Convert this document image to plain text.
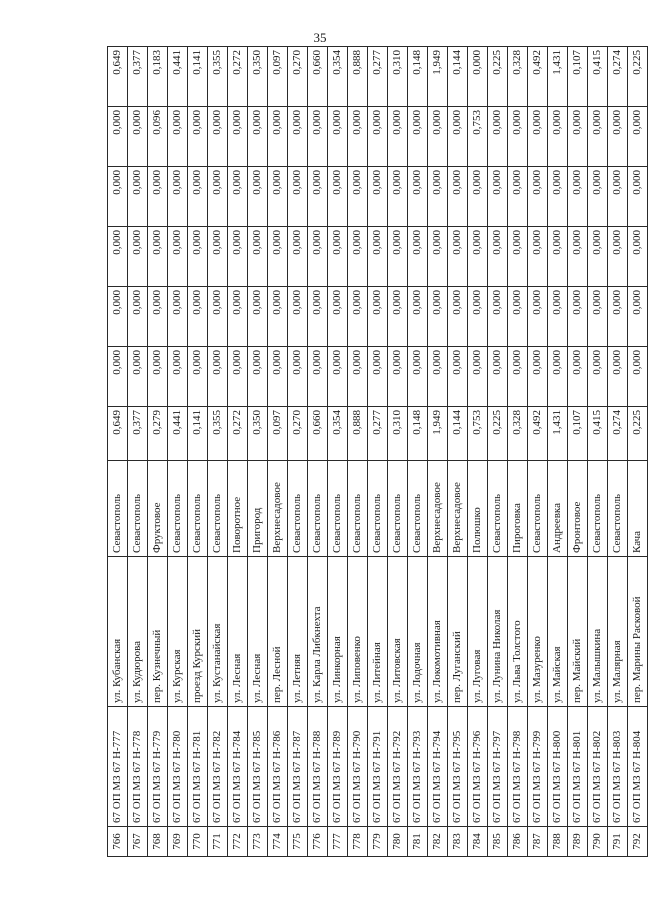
35
766	67 ОП МЗ 67 Н-777	ул. Кубанская	Севастополь	0,649	0,000	0,000	0,000	0,000	0,000	0,649
767	67 ОП МЗ 67 Н-778	ул. Кудюрова	Севастополь	0,377	0,000	0,000	0,000	0,000	0,000	0,377
768	67 ОП МЗ 67 Н-779	пер. Кузнечный	Фруктовое	0,279	0,000	0,000	0,000	0,000	0,096	0,183
769	67 ОП МЗ 67 Н-780	ул. Курская	Севастополь	0,441	0,000	0,000	0,000	0,000	0,000	0,441
770	67 ОП МЗ 67 Н-781	проезд Курский	Севастополь	0,141	0,000	0,000	0,000	0,000	0,000	0,141
771	67 ОП МЗ 67 Н-782	ул. Кустанайская	Севастополь	0,355	0,000	0,000	0,000	0,000	0,000	0,355
772	67 ОП МЗ 67 Н-784	ул. Лесная	Поворотное	0,272	0,000	0,000	0,000	0,000	0,000	0,272
773	67 ОП МЗ 67 Н-785	ул. Лесная	Пригород	0,350	0,000	0,000	0,000	0,000	0,000	0,350
774	67 ОП МЗ 67 Н-786	пер. Лесной	Верхнесадовое	0,097	0,000	0,000	0,000	0,000	0,000	0,097
775	67 ОП МЗ 67 Н-787	ул. Летняя	Севастополь	0,270	0,000	0,000	0,000	0,000	0,000	0,270
776	67 ОП МЗ 67 Н-788	ул. Карла Либкнехта	Севастополь	0,660	0,000	0,000	0,000	0,000	0,000	0,660
777	67 ОП МЗ 67 Н-789	ул. Линкорная	Севастополь	0,354	0,000	0,000	0,000	0,000	0,000	0,354
778	67 ОП МЗ 67 Н-790	ул. Липовенко	Севастополь	0,888	0,000	0,000	0,000	0,000	0,000	0,888
779	67 ОП МЗ 67 Н-791	ул. Литейная	Севастополь	0,277	0,000	0,000	0,000	0,000	0,000	0,277
780	67 ОП МЗ 67 Н-792	ул. Литовская	Севастополь	0,310	0,000	0,000	0,000	0,000	0,000	0,310
781	67 ОП МЗ 67 Н-793	ул. Лодочная	Севастополь	0,148	0,000	0,000	0,000	0,000	0,000	0,148
782	67 ОП МЗ 67 Н-794	ул. Локомотивная	Верхнесадовое	1,949	0,000	0,000	0,000	0,000	0,000	1,949
783	67 ОП МЗ 67 Н-795	пер. Луганский	Верхнесадовое	0,144	0,000	0,000	0,000	0,000	0,000	0,144
784	67 ОП МЗ 67 Н-796	ул. Луговая	Полюшко	0,753	0,000	0,000	0,000	0,000	0,753	0,000
785	67 ОП МЗ 67 Н-797	ул. Лунина Николая	Севастополь	0,225	0,000	0,000	0,000	0,000	0,000	0,225
786	67 ОП МЗ 67 Н-798	ул. Льва Толстого	Пироговка	0,328	0,000	0,000	0,000	0,000	0,000	0,328
787	67 ОП МЗ 67 Н-799	ул. Мазуренко	Севастополь	0,492	0,000	0,000	0,000	0,000	0,000	0,492
788	67 ОП МЗ 67 Н-800	ул. Майская	Андреевка	1,431	0,000	0,000	0,000	0,000	0,000	1,431
789	67 ОП МЗ 67 Н-801	пер. Майский	Фронтовое	0,107	0,000	0,000	0,000	0,000	0,000	0,107
790	67 ОП МЗ 67 Н-802	ул. Малышкина	Севастополь	0,415	0,000	0,000	0,000	0,000	0,000	0,415
791	67 ОП МЗ 67 Н-803	ул. Малярная	Севастополь	0,274	0,000	0,000	0,000	0,000	0,000	0,274
792	67 ОП МЗ 67 Н-804	пер. Марины Расковой	Кача	0,225	0,000	0,000	0,000	0,000	0,000	0,225
